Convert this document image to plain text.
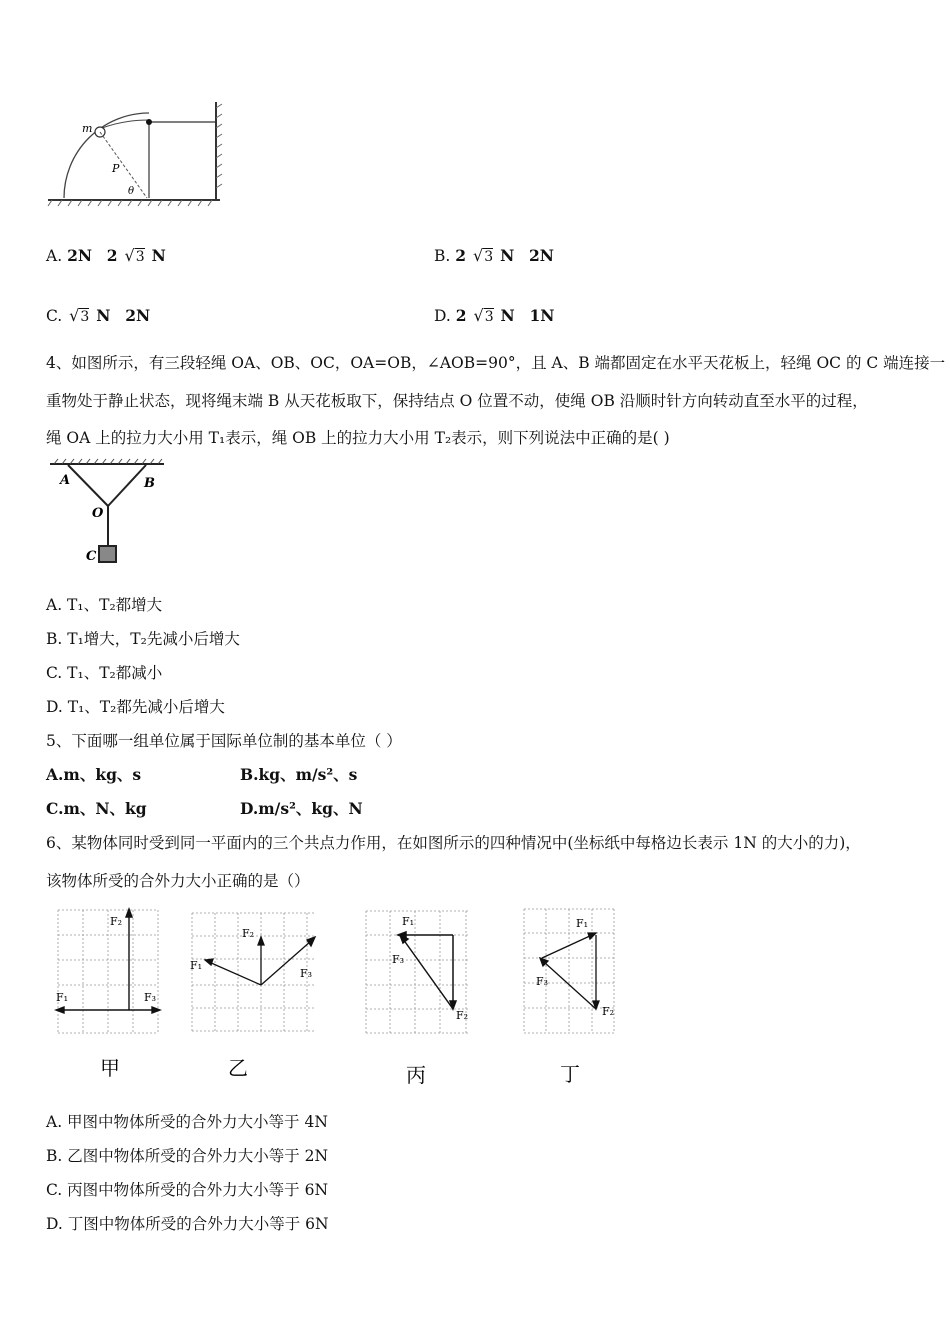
m
P
θ
A. 2N 2 √3 N	B. 2 √3 N 2N
C. √3 N 2N	D. 2 √3 N 1N
4、如图所示，有三段轻绳 OA、OB、OC，OA=OB，∠AOB=90°，且 A、B 端都固定在水平天花板上，轻绳 OC 的 C 端连接一
重物处于静止状态，现将绳末端 B 从天花板取下，保持结点 O 位置不动，使绳 OB 沿顺时针方向转动直至水平的过程，
绳 OA 上的拉力大小用 T₁表示，绳 OB 上的拉力大小用 T₂表示，则下列说法中正确的是( )
A	B
O
C
A. T₁、T₂都增大
B. T₁增大，T₂先减小后增大
C. T₁、T₂都减小
D. T₁、T₂都先减小后增大
5、下面哪一组单位属于国际单位制的基本单位（ ）
A.m、kg、s	B.kg、m/s²、s
C.m、N、kg	D.m/s²、kg、N
6、某物体同时受到同一平面内的三个共点力作用，在如图所示的四种情况中(坐标纸中每格边长表示 1N 的大小的力)，
该物体所受的合外力大小正确的是（）
F₂
F₁	F₃
甲
F₂
F₁
F₃
乙
F₁
F₃
F₂
丙
F₁
F₃
F₂
丁
A. 甲图中物体所受的合外力大小等于 4N
B. 乙图中物体所受的合外力大小等于 2N
C. 丙图中物体所受的合外力大小等于 6N
D. 丁图中物体所受的合外力大小等于 6N
